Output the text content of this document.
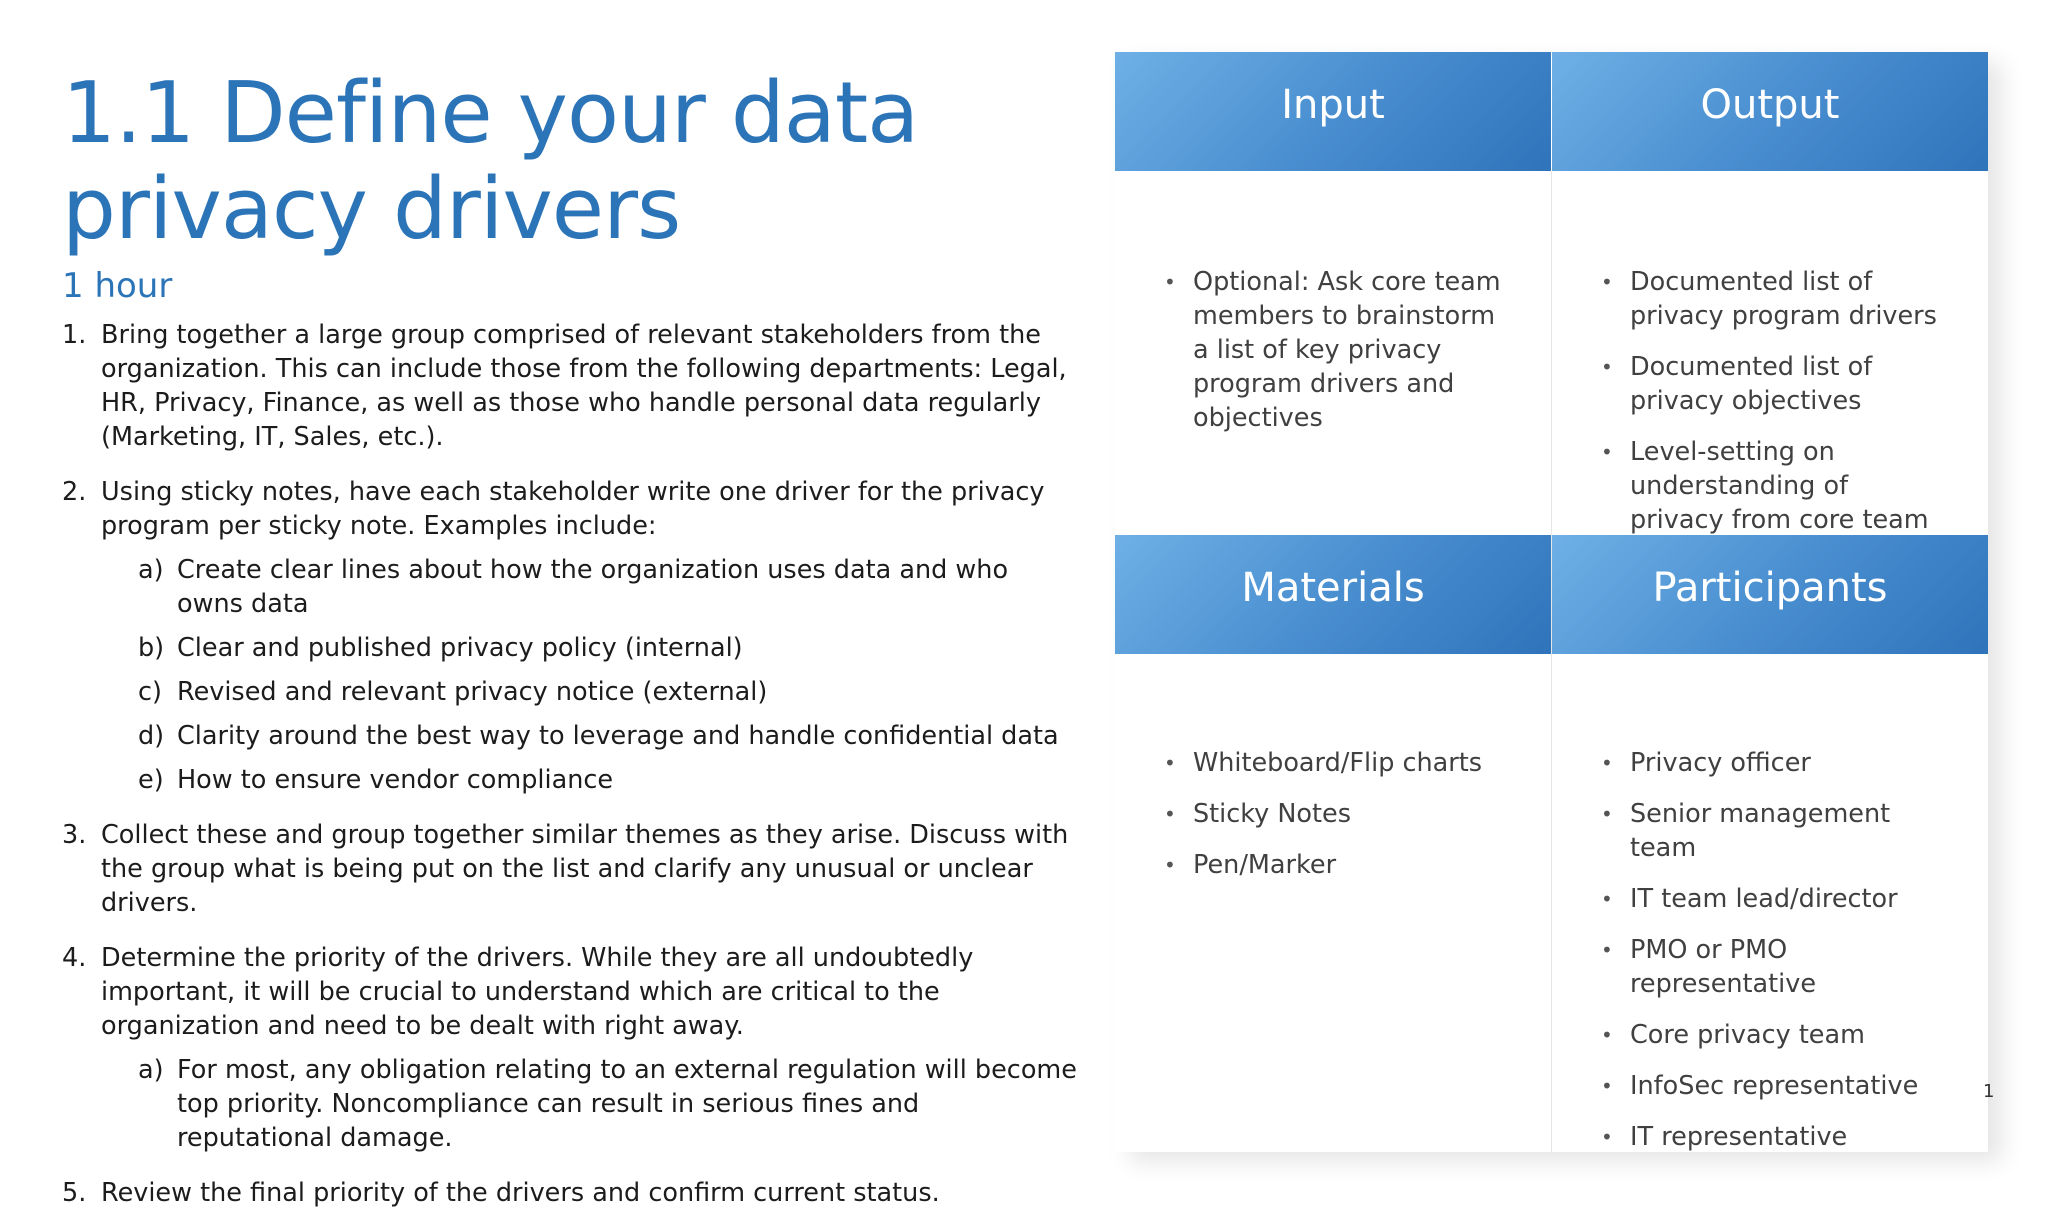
1.1 Define your data privacy drivers
1 hour
1. Bring together a large group comprised of relevant stakeholders from the organization. This can include those from the following departments: Legal, HR, Privacy, Finance, as well as those who handle personal data regularly (Marketing, IT, Sales, etc.).
2. Using sticky notes, have each stakeholder write one driver for the privacy program per sticky note. Examples include:
a) Create clear lines about how the organization uses data and who owns data
b) Clear and published privacy policy (internal)
c) Revised and relevant privacy notice (external)
d) Clarity around the best way to leverage and handle confidential data
e) How to ensure vendor compliance
3. Collect these and group together similar themes as they arise. Discuss with the group what is being put on the list and clarify any unusual or unclear drivers.
4. Determine the priority of the drivers. While they are all undoubtedly important, it will be crucial to understand which are critical to the organization and need to be dealt with right away.
a) For most, any obligation relating to an external regulation will become top priority. Noncompliance can result in serious fines and reputational damage.
5. Review the final priority of the drivers and confirm current status.
Input	Output
• Optional: Ask core team members to brainstorm a list of key privacy program drivers and objectives
• Documented list of privacy program drivers
• Documented list of privacy objectives
• Level-setting on understanding of privacy from core team
Materials	Participants
• Whiteboard/Flip charts
• Sticky Notes
• Pen/Marker
• Privacy officer
• Senior management team
• IT team lead/director
• PMO or PMO representative
• Core privacy team
• InfoSec representative
• IT representative
1
